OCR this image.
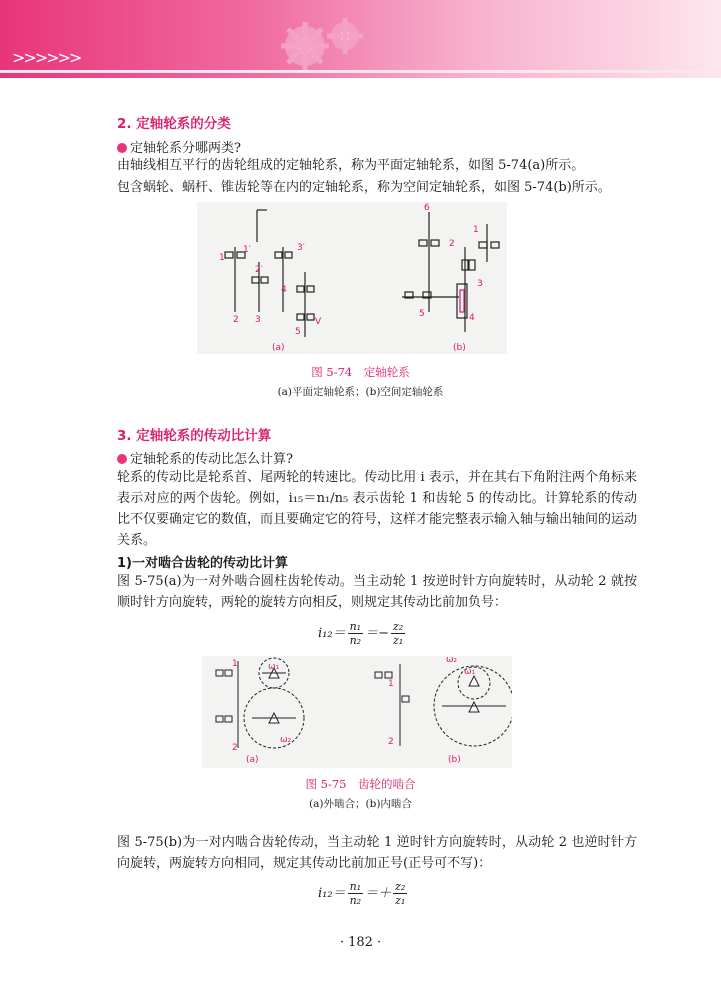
>>>>>>
2. 定轴轮系的分类
定轴轮系分哪两类?
由轴线相互平行的齿轮组成的定轴轮系，称为平面定轴轮系，如图 5-74(a)所示。
包含蜗轮、蜗杆、锥齿轮等在内的定轴轮系，称为空间定轴轮系，如图 5-74(b)所示。
1
1′
2
2′
3
3′
4
5
V
6
2
1
3
5	4
(a)	(b)
图 5-74　定轴轮系
(a)平面定轴轮系；(b)空间定轴轮系
3. 定轴轮系的传动比计算
定轴轮系的传动比怎么计算?
轮系的传动比是轮系首、尾两轮的转速比。传动比用 i 表示，并在其右下角附注两个角标来表示对应的两个齿轮。例如，i₁₅＝n₁/n₅ 表示齿轮 1 和齿轮 5 的传动比。计算轮系的传动比不仅要确定它的数值，而且要确定它的符号，这样才能完整表示输入轴与输出轴间的运动关系。
1)一对啮合齿轮的传动比计算
图 5-75(a)为一对外啮合圆柱齿轮传动。当主动轮 1 按逆时针方向旋转时，从动轮 2 就按顺时针方向旋转，两轮的旋转方向相反，则规定其传动比前加负号：
$i_{12}= \frac{\text{n₁}}{\text{n₂}} =- \frac{\text{z₂}}{\text{z₁}}$
1	ω₁
ω₂
2
ω₂
ω₁
1
2
(a)	(b)
图 5-75　齿轮的啮合
(a)外啮合；(b)内啮合
图 5-75(b)为一对内啮合齿轮传动，当主动轮 1 逆时针方向旋转时，从动轮 2 也逆时针方向旋转，两旋转方向相同，规定其传动比前加正号(正号可不写)：
$i_{12}= \frac{\text{n₁}}{\text{n₂}} =+ \frac{\text{z₂}}{\text{z₁}}$
· 182 ·
